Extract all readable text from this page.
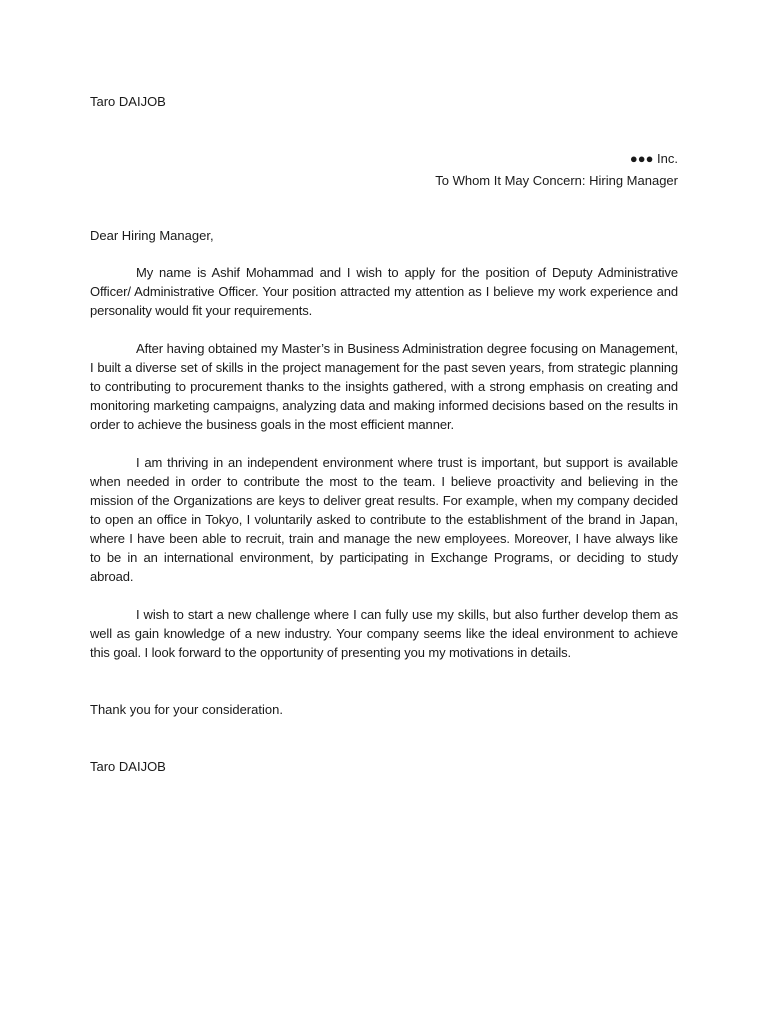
Taro DAIJOB
●●● Inc.
To Whom It May Concern: Hiring Manager
Dear Hiring Manager,

My name is Ashif Mohammad and I wish to apply for the position of Deputy Administrative Officer/ Administrative Officer. Your position attracted my attention as I believe my work experience and personality would fit your requirements.

After having obtained my Master’s in Business Administration degree focusing on Management, I built a diverse set of skills in the project management for the past seven years, from strategic planning to contributing to procurement thanks to the insights gathered, with a strong emphasis on creating and monitoring marketing campaigns, analyzing data and making informed decisions based on the results in order to achieve the business goals in the most efficient manner.

I am thriving in an independent environment where trust is important, but support is available when needed in order to contribute the most to the team. I believe proactivity and believing in the mission of the Organizations are keys to deliver great results. For example, when my company decided to open an office in Tokyo, I voluntarily asked to contribute to the establishment of the brand in Japan, where I have been able to recruit, train and manage the new employees. Moreover, I have always like to be in an international environment, by participating in Exchange Programs, or deciding to study abroad.

I wish to start a new challenge where I can fully use my skills, but also further develop them as well as gain knowledge of a new industry. Your company seems like the ideal environment to achieve this goal. I look forward to the opportunity of presenting you my motivations in details.

Thank you for your consideration.
Taro DAIJOB
